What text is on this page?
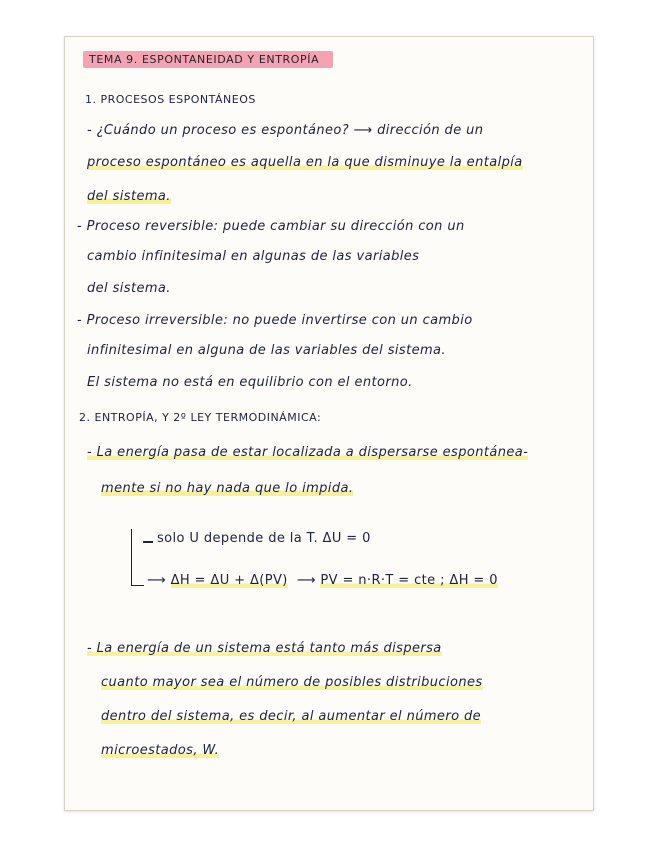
TEMA 9. ESPONTANEIDAD Y ENTROPÍA
1. PROCESOS ESPONTÁNEOS
- ¿Cuándo un proceso es espontáneo? ⟶ dirección de un
proceso espontáneo es aquella en la que disminuye la entalpía
del sistema.
- Proceso reversible: puede cambiar su dirección con un
cambio infinitesimal en algunas de las variables
del sistema.
- Proceso irreversible: no puede invertirse con un cambio
infinitesimal en alguna de las variables del sistema.
El sistema no está en equilibrio con el entorno.
2. ENTROPÍA, Y 2º LEY TERMODINÁMICA:
- La energía pasa de estar localizada a dispersarse espontánea-
mente si no hay nada que lo impida.
solo U depende de la T. ΔU = 0
⟶ ΔH = ΔU + Δ(PV)  ⟶ PV = n·R·T = cte ; ΔH = 0
- La energía de un sistema está tanto más dispersa
cuanto mayor sea el número de posibles distribuciones
dentro del sistema, es decir, al aumentar el número de
microestados, W.
